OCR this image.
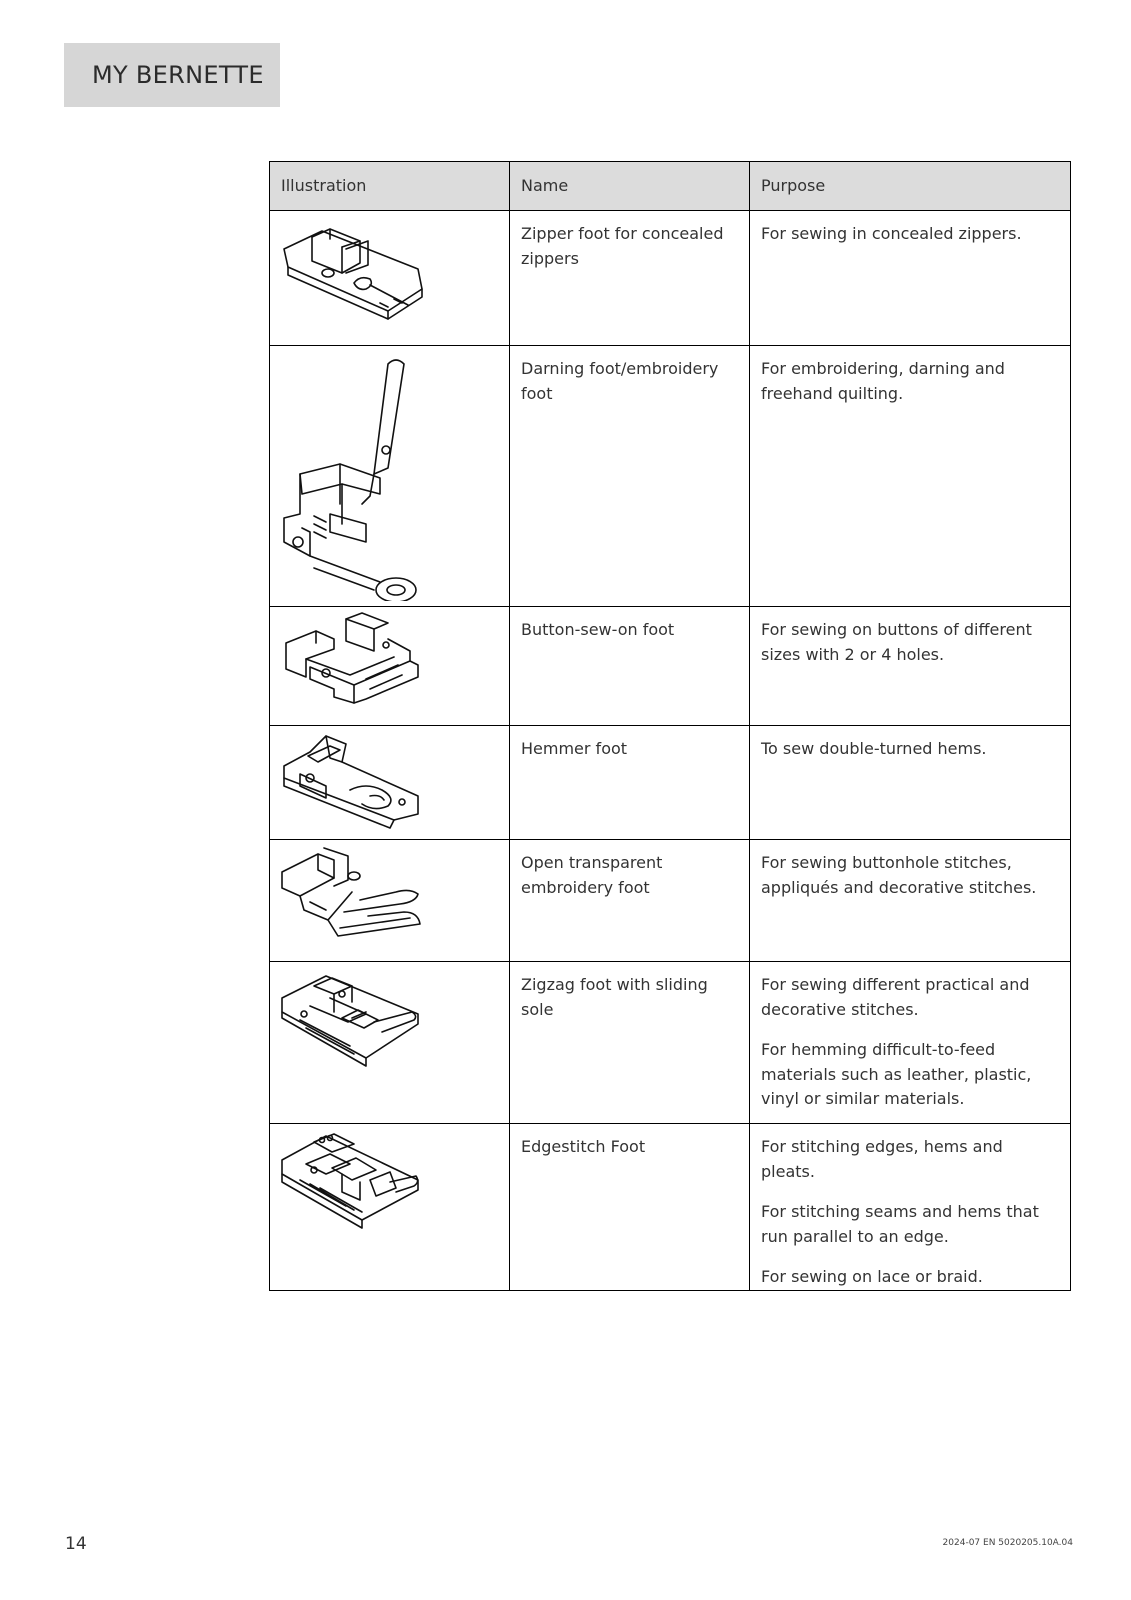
MY BERNETTE
Illustration	Name	Purpose

	Zipper foot for concealed zippers	For sewing in concealed zippers.

	Darning foot/embroidery foot	For embroidering, darning and freehand quilting.

	Button-sew-on foot	For sewing on buttons of different sizes with 2 or 4 holes.

	Hemmer foot	To sew double-turned hems.

	Open transparent embroidery foot	For sewing buttonhole stitches, appliqués and decorative stitches.

	Zigzag foot with sliding sole	For sewing different practical and decorative stitches.

For hemming difficult-to-feed materials such as leather, plastic, vinyl or similar materials.

	Edgestitch Foot	For stitching edges, hems and pleats.

For stitching seams and hems that run parallel to an edge.

For sewing on lace or braid.

14	2024-07 EN 5020205.10A.04
